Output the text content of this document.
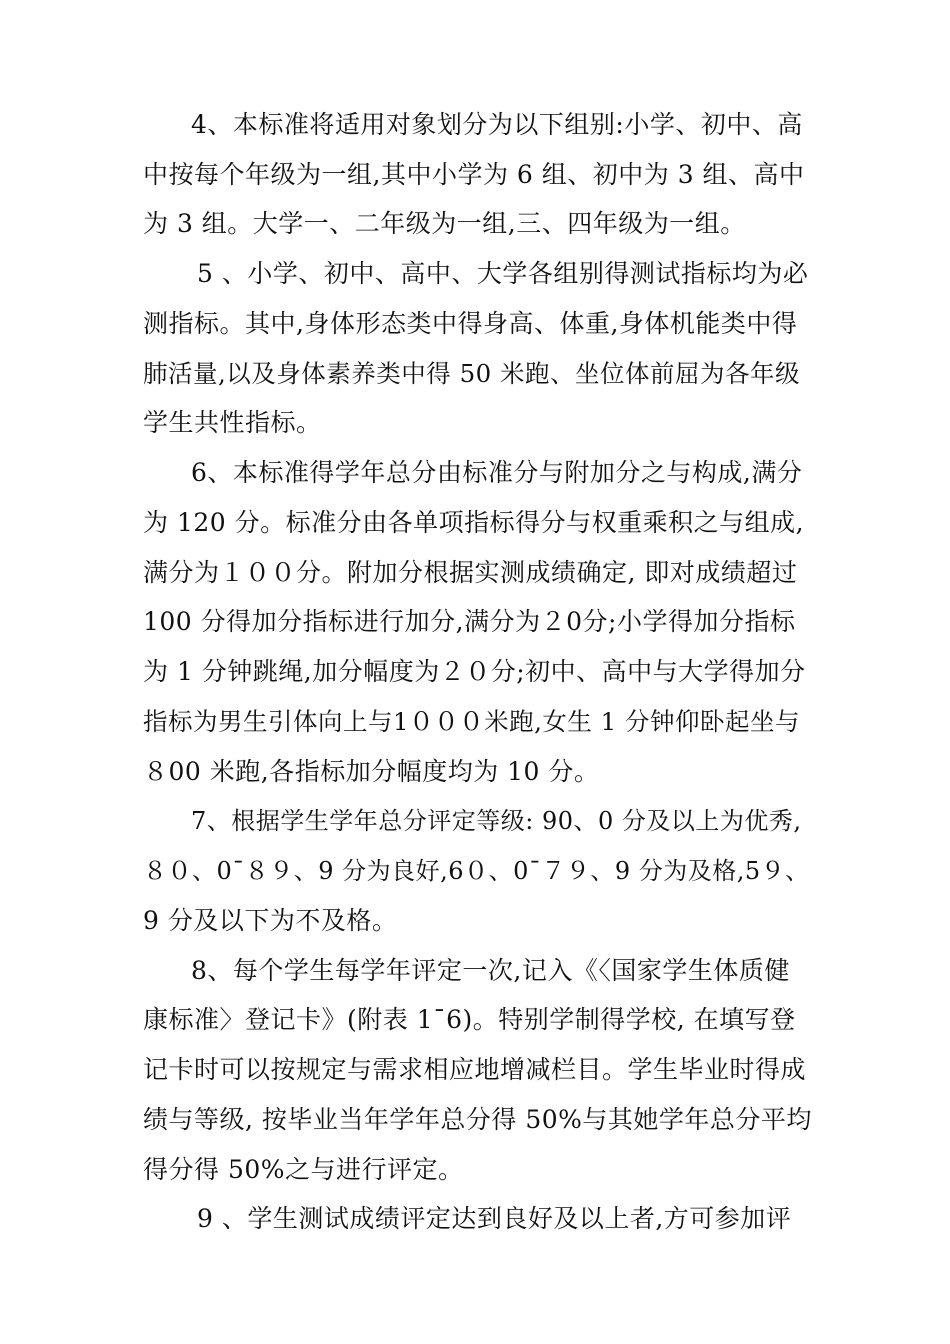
4、本标准将适用对象划分为以下组别:小学、初中、高
中按每个年级为一组,其中小学为 6 组、初中为 3 组、高中
为 3 组。大学一、二年级为一组,三、四年级为一组。
5 、小学、初中、高中、大学各组别得测试指标均为必
测指标。其中,身体形态类中得身高、体重,身体机能类中得
肺活量,以及身体素养类中得 50 米跑、坐位体前屈为各年级
学生共性指标。
6、本标准得学年总分由标准分与附加分之与构成,满分
为 120 分。标准分由各单项指标得分与权重乘积之与组成,
满分为１００分。附加分根据实测成绩确定, 即对成绩超过
100 分得加分指标进行加分,满分为２0分;小学得加分指标
为 1 分钟跳绳,加分幅度为２０分;初中、高中与大学得加分
指标为男生引体向上与1０００米跑,女生 1 分钟仰卧起坐与
８00 米跑,各指标加分幅度均为 10 分。
7、根据学生学年总分评定等级: 90、0 分及以上为优秀,
８０、0¯８９、9 分为良好,6０、0¯７９、9 分为及格,5９、
9 分及以下为不及格。
8、每个学生每学年评定一次,记入《〈国家学生体质健
康标准〉登记卡》(附表 1¯6)。特别学制得学校, 在填写登
记卡时可以按规定与需求相应地增减栏目。学生毕业时得成
绩与等级, 按毕业当年学年总分得 50%与其她学年总分平均
得分得 50%之与进行评定。
9 、学生测试成绩评定达到良好及以上者,方可参加评
